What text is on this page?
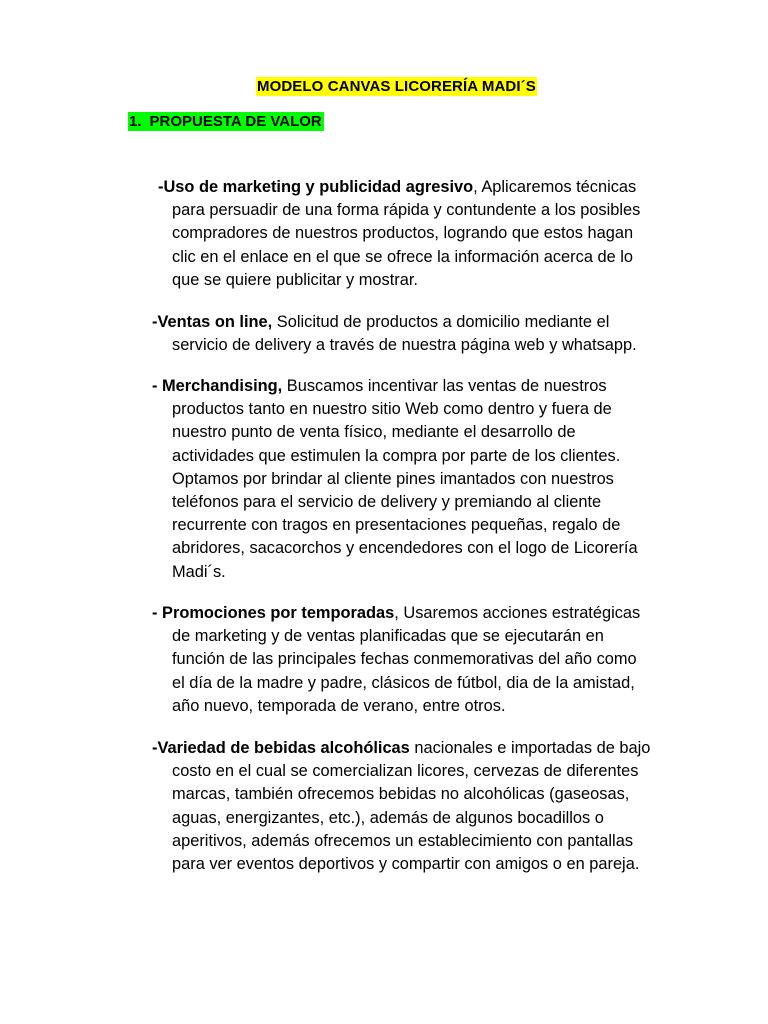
MODELO CANVAS LICORERÍA MADI´S
1. PROPUESTA DE VALOR
-Uso de marketing y publicidad agresivo, Aplicaremos técnicas
para persuadir de una forma rápida y contundente a los posibles
compradores de nuestros productos, logrando que estos hagan
clic en el enlace en el que se ofrece la información acerca de lo
que se quiere publicitar y mostrar.
-Ventas on line, Solicitud de productos a domicilio mediante el
servicio de delivery a través de nuestra página web y whatsapp.
- Merchandising, Buscamos incentivar las ventas de nuestros
productos tanto en nuestro sitio Web como dentro y fuera de
nuestro punto de venta físico, mediante el desarrollo de
actividades que estimulen la compra por parte de los clientes.
Optamos por brindar al cliente pines imantados con nuestros
teléfonos para el servicio de delivery y premiando al cliente
recurrente con tragos en presentaciones pequeñas, regalo de
abridores, sacacorchos y encendedores con el logo de Licorería
Madi´s.
- Promociones por temporadas, Usaremos acciones estratégicas
de marketing y de ventas planificadas que se ejecutarán en
función de las principales fechas conmemorativas del año como
el día de la madre y padre, clásicos de fútbol, dia de la amistad,
año nuevo, temporada de verano, entre otros.
-Variedad de bebidas alcohólicas nacionales e importadas de bajo
costo en el cual se comercializan licores, cervezas de diferentes
marcas, también ofrecemos bebidas no alcohólicas (gaseosas,
aguas, energizantes, etc.), además de algunos bocadillos o
aperitivos, además ofrecemos un establecimiento con pantallas
para ver eventos deportivos y compartir con amigos o en pareja.
